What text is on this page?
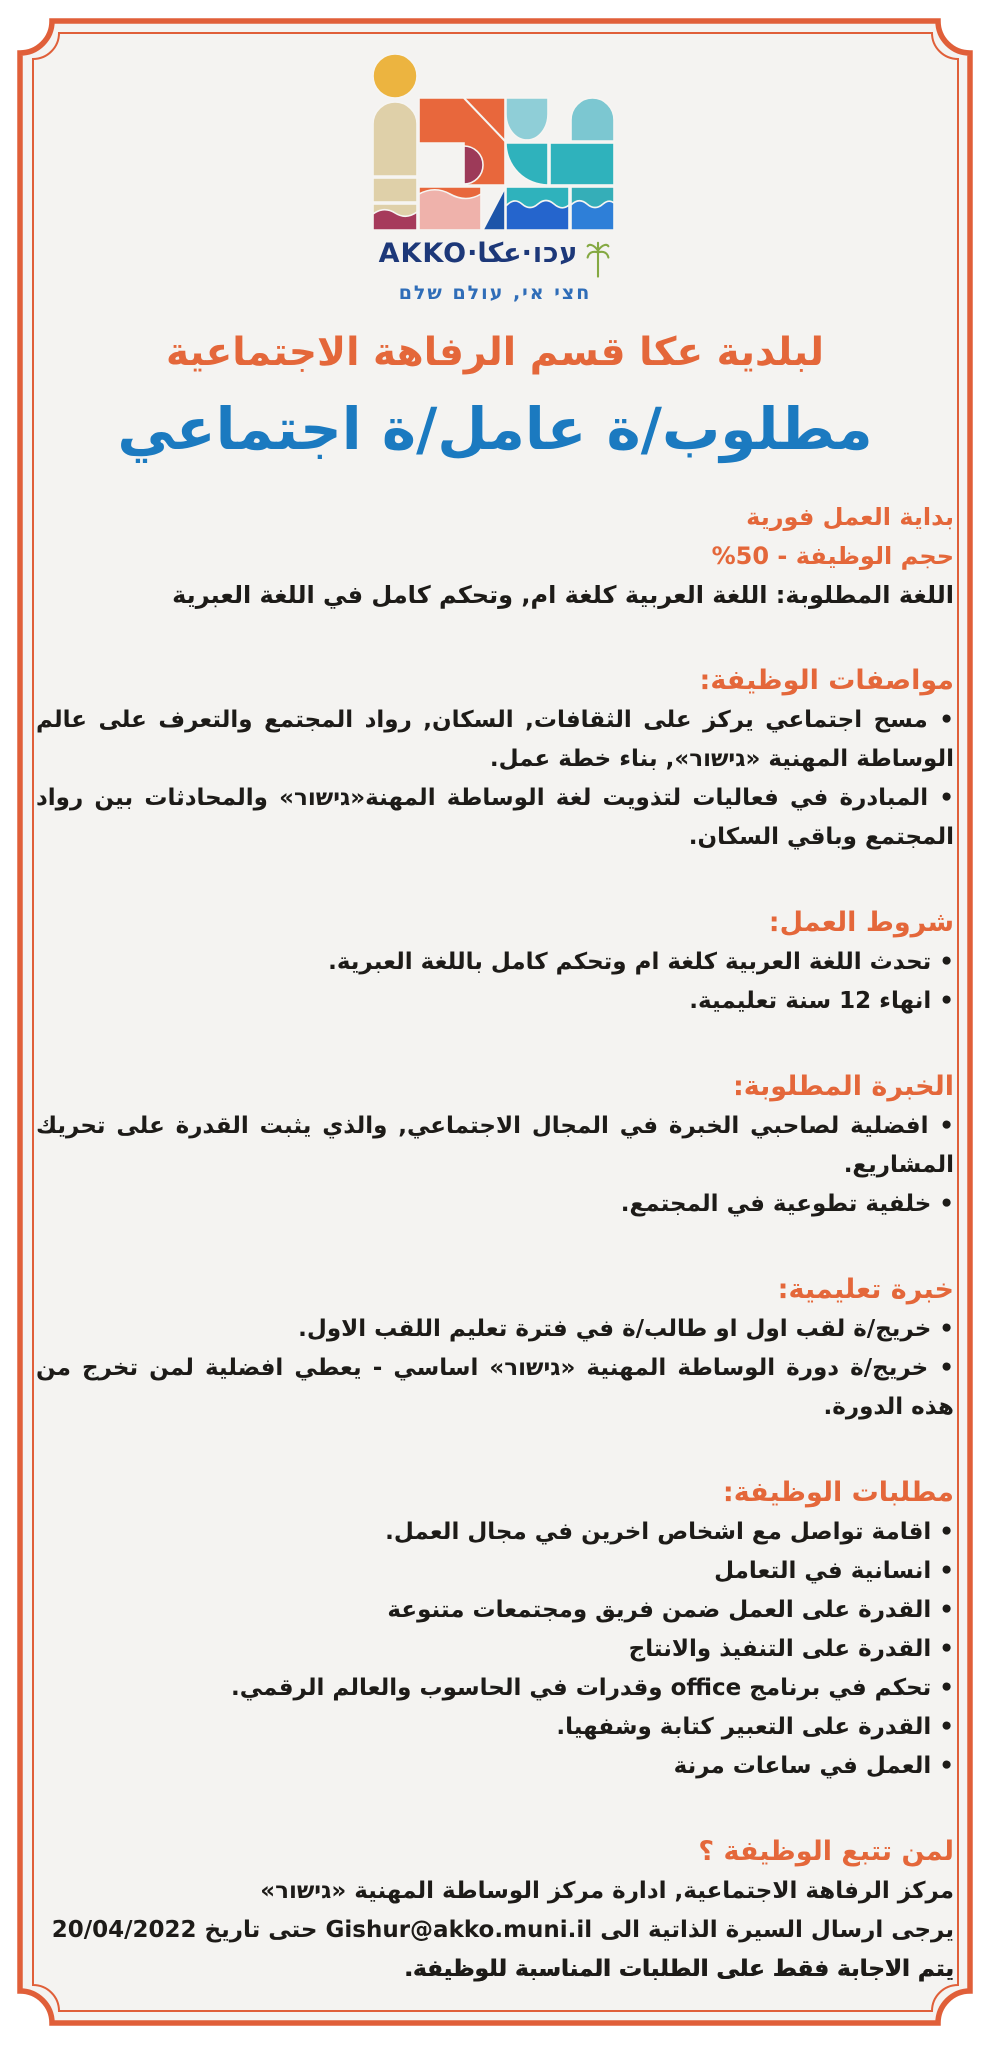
עכו·عكا·AKKO
חצי אי, עולם שלם
لبلدية عكا قسم الرفاهة الاجتماعية
مطلوب/ة عامل/ة اجتماعي
بداية العمل فورية
حجم الوظيفة - 50%
اللغة المطلوبة: اللغة العربية كلغة ام, وتحكم كامل في اللغة العبرية
مواصفات الوظيفة:
• مسح اجتماعي يركز على الثقافات, السكان, رواد المجتمع والتعرف على عالم الوساطة المهنية «גישור», بناء خطة عمل.
• المبادرة في فعاليات لتذويت لغة الوساطة المهنة«גישור» والمحادثات بين رواد المجتمع وباقي السكان.
شروط العمل:
• تحدث اللغة العربية كلغة ام وتحكم كامل باللغة العبرية.
• انهاء 12 سنة تعليمية.
الخبرة المطلوبة:
• افضلية لصاحبي الخبرة في المجال الاجتماعي, والذي يثبت القدرة على تحريك المشاريع.
• خلفية تطوعية في المجتمع.
خبرة تعليمية:
• خريج/ة لقب اول او طالب/ة في فترة تعليم اللقب الاول.
• خريج/ة دورة الوساطة المهنية «גישור» اساسي - يعطي افضلية لمن تخرج من هذه الدورة.
مطلبات الوظيفة:
• اقامة تواصل مع اشخاص اخرين في مجال العمل.
• انسانية في التعامل
• القدرة على العمل ضمن فريق ومجتمعات متنوعة
• القدرة على التنفيذ والانتاج
• تحكم في برنامج office وقدرات في الحاسوب والعالم الرقمي.
• القدرة على التعبير كتابة وشفهيا.
• العمل في ساعات مرنة
لمن تتبع الوظيفة ؟
مركز الرفاهة الاجتماعية, ادارة مركز الوساطة المهنية «גישור»
يرجى ارسال السيرة الذاتية الى Gishur@akko.muni.il حتى تاريخ 20/04/2022
يتم الاجابة فقط على الطلبات المناسبة للوظيفة.
